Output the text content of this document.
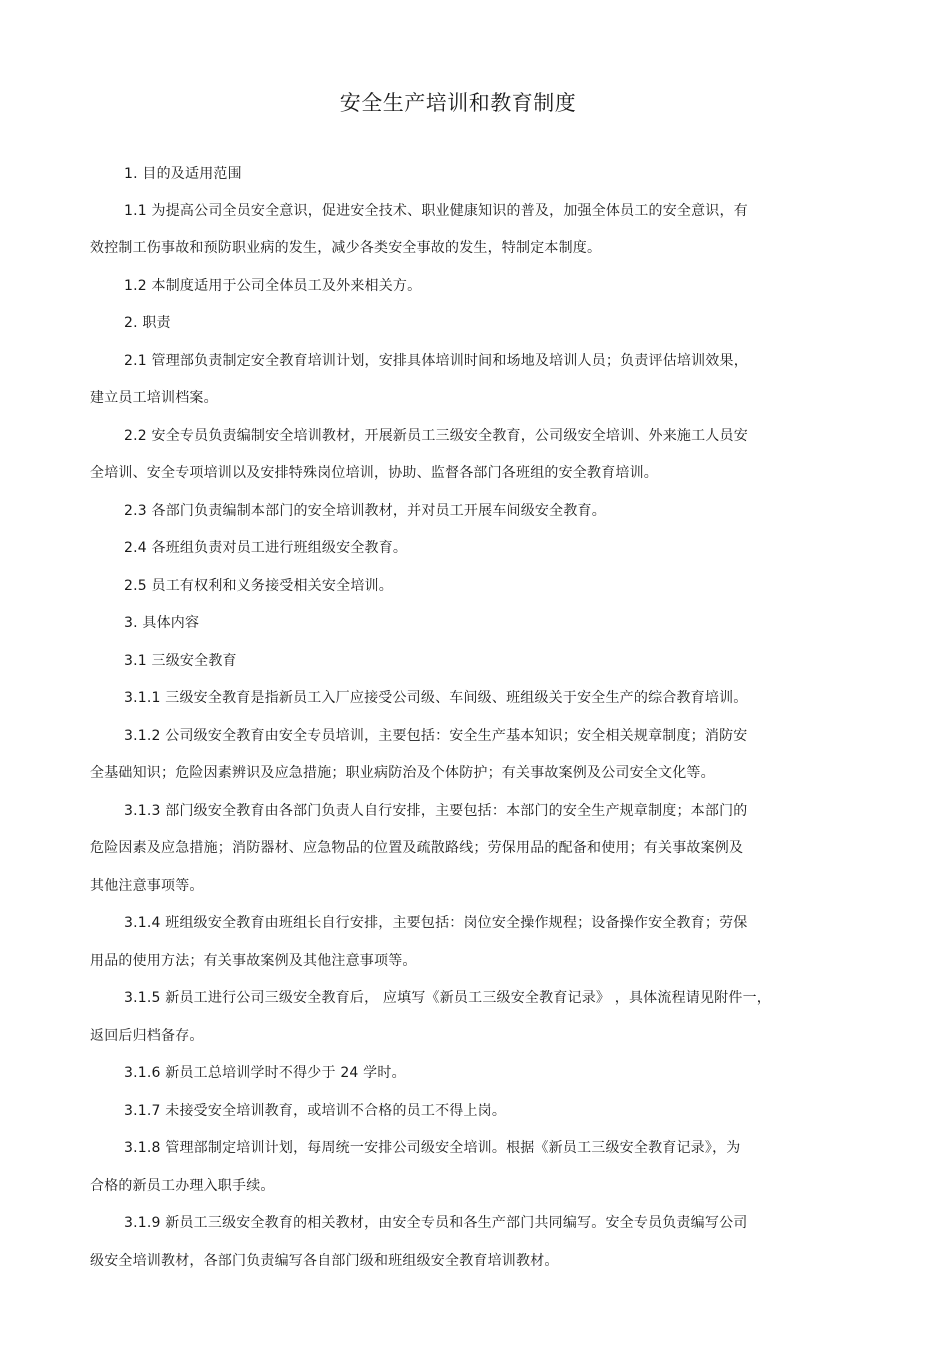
安全生产培训和教育制度
1. 目的及适用范围
1.1 为提高公司全员安全意识，促进安全技术、职业健康知识的普及，加强全体员工的安全意识，有
效控制工伤事故和预防职业病的发生，减少各类安全事故的发生，特制定本制度。
1.2 本制度适用于公司全体员工及外来相关方。
2. 职责
2.1 管理部负责制定安全教育培训计划，安排具体培训时间和场地及培训人员；负责评估培训效果，
建立员工培训档案。
2.2 安全专员负责编制安全培训教材，开展新员工三级安全教育，公司级安全培训、外来施工人员安
全培训、安全专项培训以及安排特殊岗位培训，协助、监督各部门各班组的安全教育培训。
2.3 各部门负责编制本部门的安全培训教材，并对员工开展车间级安全教育。
2.4 各班组负责对员工进行班组级安全教育。
2.5 员工有权利和义务接受相关安全培训。
3. 具体内容
3.1 三级安全教育
3.1.1 三级安全教育是指新员工入厂应接受公司级、车间级、班组级关于安全生产的综合教育培训。
3.1.2 公司级安全教育由安全专员培训，主要包括：安全生产基本知识；安全相关规章制度；消防安
全基础知识；危险因素辨识及应急措施；职业病防治及个体防护；有关事故案例及公司安全文化等。
3.1.3 部门级安全教育由各部门负责人自行安排，主要包括：本部门的安全生产规章制度；本部门的
危险因素及应急措施；消防器材、应急物品的位置及疏散路线；劳保用品的配备和使用；有关事故案例及
其他注意事项等。
3.1.4 班组级安全教育由班组长自行安排，主要包括：岗位安全操作规程；设备操作安全教育；劳保
用品的使用方法；有关事故案例及其他注意事项等。
3.1.5 新员工进行公司三级安全教育后， 应填写《新员工三级安全教育记录》 ，具体流程请见附件一，
返回后归档备存。
3.1.6 新员工总培训学时不得少于 24 学时。
3.1.7 未接受安全培训教育，或培训不合格的员工不得上岗。
3.1.8 管理部制定培训计划，每周统一安排公司级安全培训。根据《新员工三级安全教育记录》，为
合格的新员工办理入职手续。
3.1.9 新员工三级安全教育的相关教材，由安全专员和各生产部门共同编写。安全专员负责编写公司
级安全培训教材，各部门负责编写各自部门级和班组级安全教育培训教材。
